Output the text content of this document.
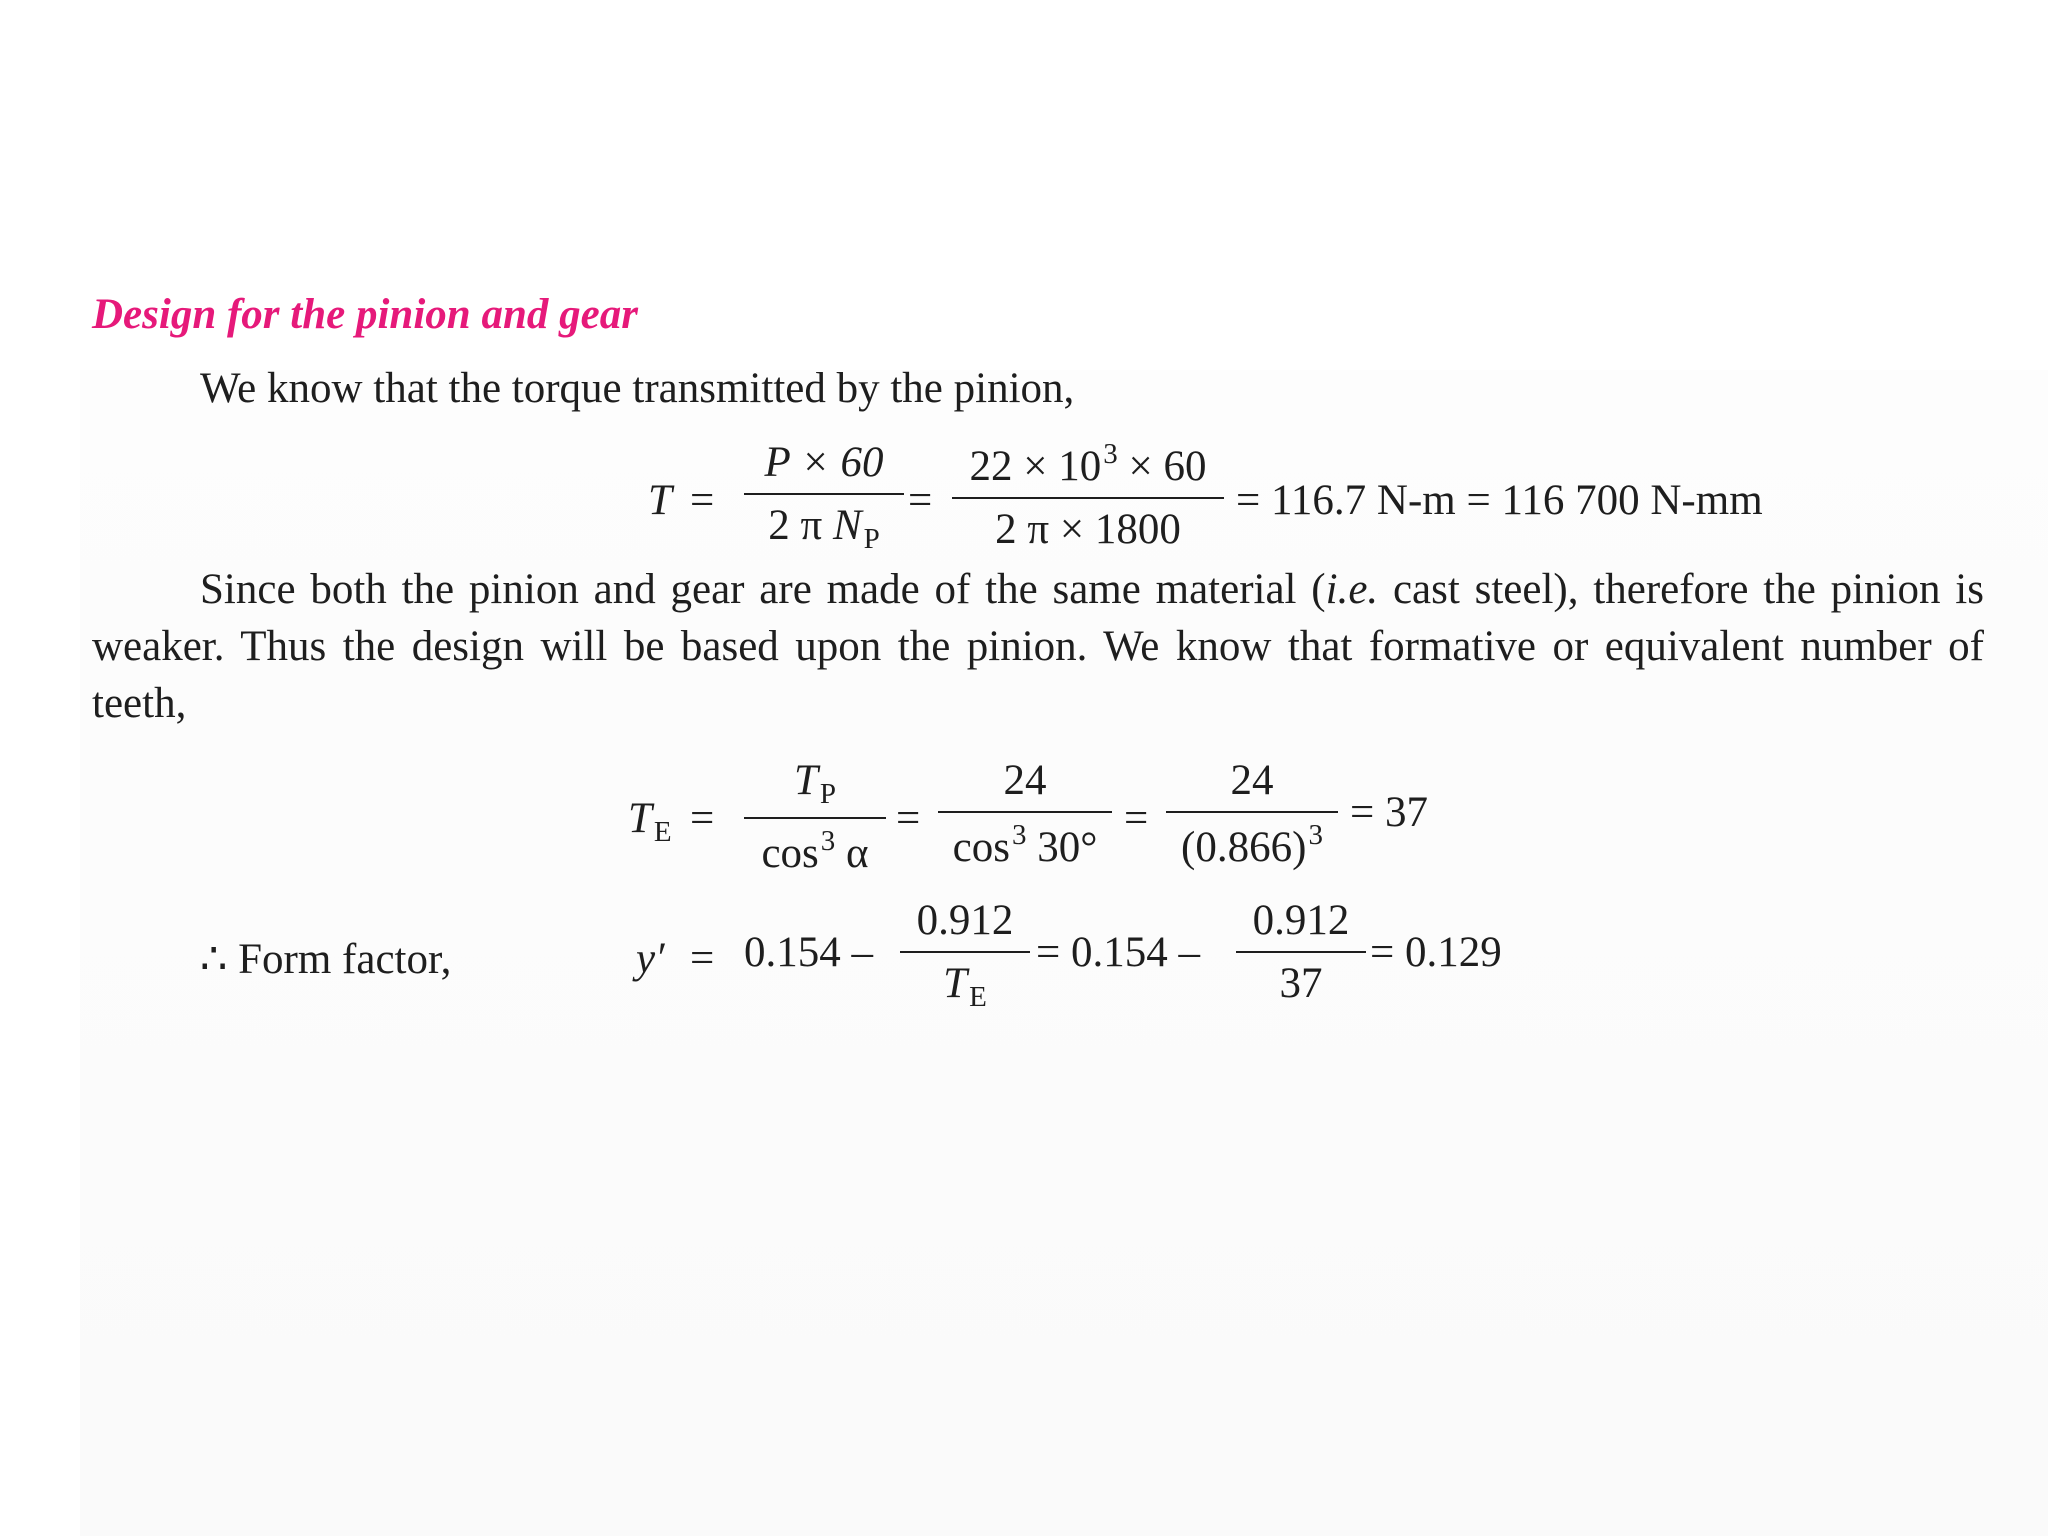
Design for the pinion and gear
We know that the torque transmitted by the pinion,
T =
P × 60
2 π $N_P$
=
$22 \times 10^3 \times 60$
2 π × 1800
= 116.7 N-m = 116 700 N-mm
Since both the pinion and gear are made of the same material (i.e. cast steel), therefore the pinion is weaker. Thus the design will be based upon the pinion. We know that formative or equivalent number of teeth,
$T_E$ =
$T_P$
$\cos^3 \alpha$
=
24
$\cos^3 30^\circ$
=
24
$(0.866)^3 = 37$
∴ Form factor,	y′ = 0.154 –
0.912
$T_E$
= 0.154 –
0.912
37
= 0.129
